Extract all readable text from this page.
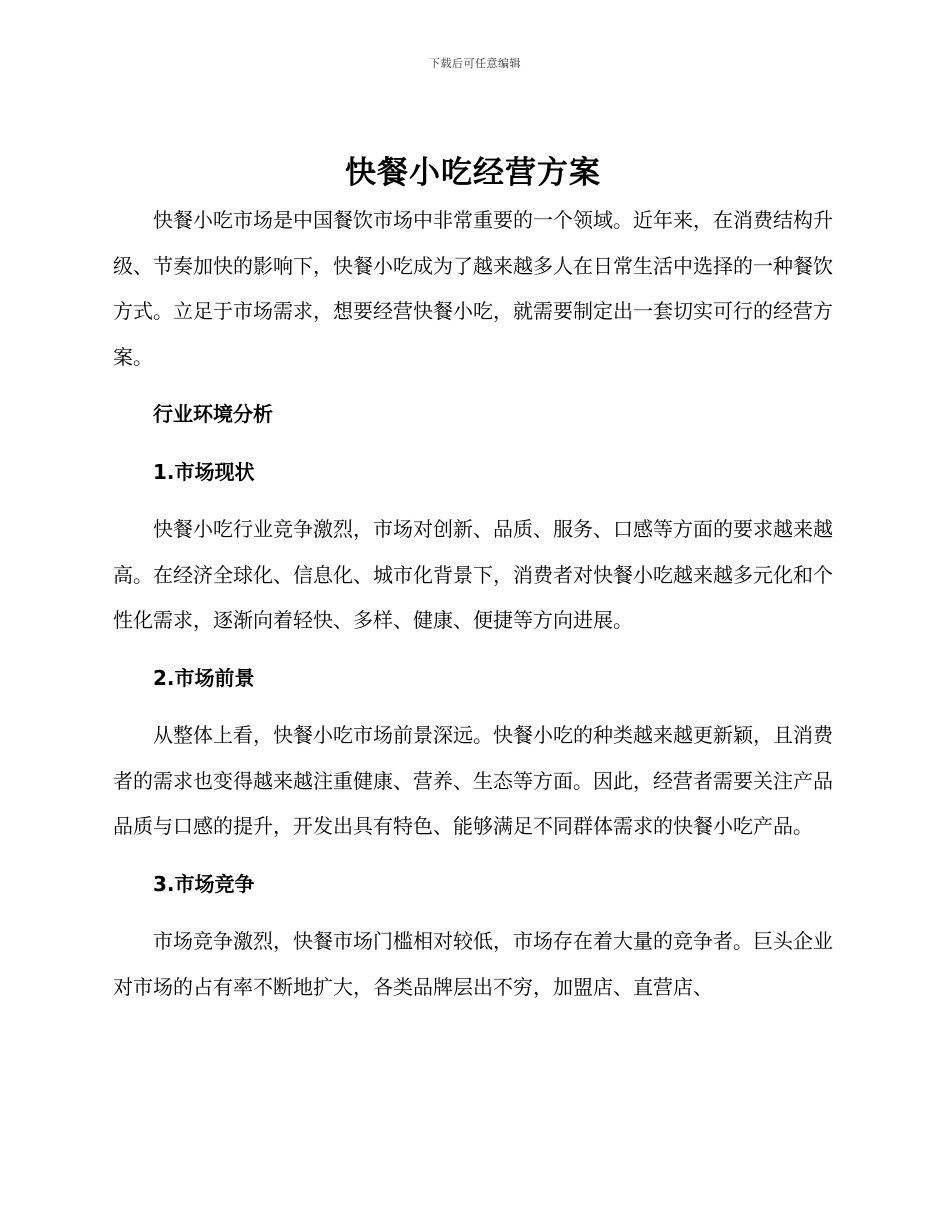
下载后可任意编辑
快餐小吃经营方案

快餐小吃市场是中国餐饮市场中非常重要的一个领域。近年来，在消费结构升级、节奏加快的影响下，快餐小吃成为了越来越多人在日常生活中选择的一种餐饮方式。立足于市场需求，想要经营快餐小吃，就需要制定出一套切实可行的经营方案。

行业环境分析

1.市场现状

快餐小吃行业竞争激烈，市场对创新、品质、服务、口感等方面的要求越来越高。在经济全球化、信息化、城市化背景下，消费者对快餐小吃越来越多元化和个性化需求，逐渐向着轻快、多样、健康、便捷等方向进展。

2.市场前景

从整体上看，快餐小吃市场前景深远。快餐小吃的种类越来越更新颖，且消费者的需求也变得越来越注重健康、营养、生态等方面。因此，经营者需要关注产品品质与口感的提升，开发出具有特色、能够满足不同群体需求的快餐小吃产品。

3.市场竞争

市场竞争激烈，快餐市场门槛相对较低，市场存在着大量的竞争者。巨头企业对市场的占有率不断地扩大，各类品牌层出不穷，加盟店、直营店、
